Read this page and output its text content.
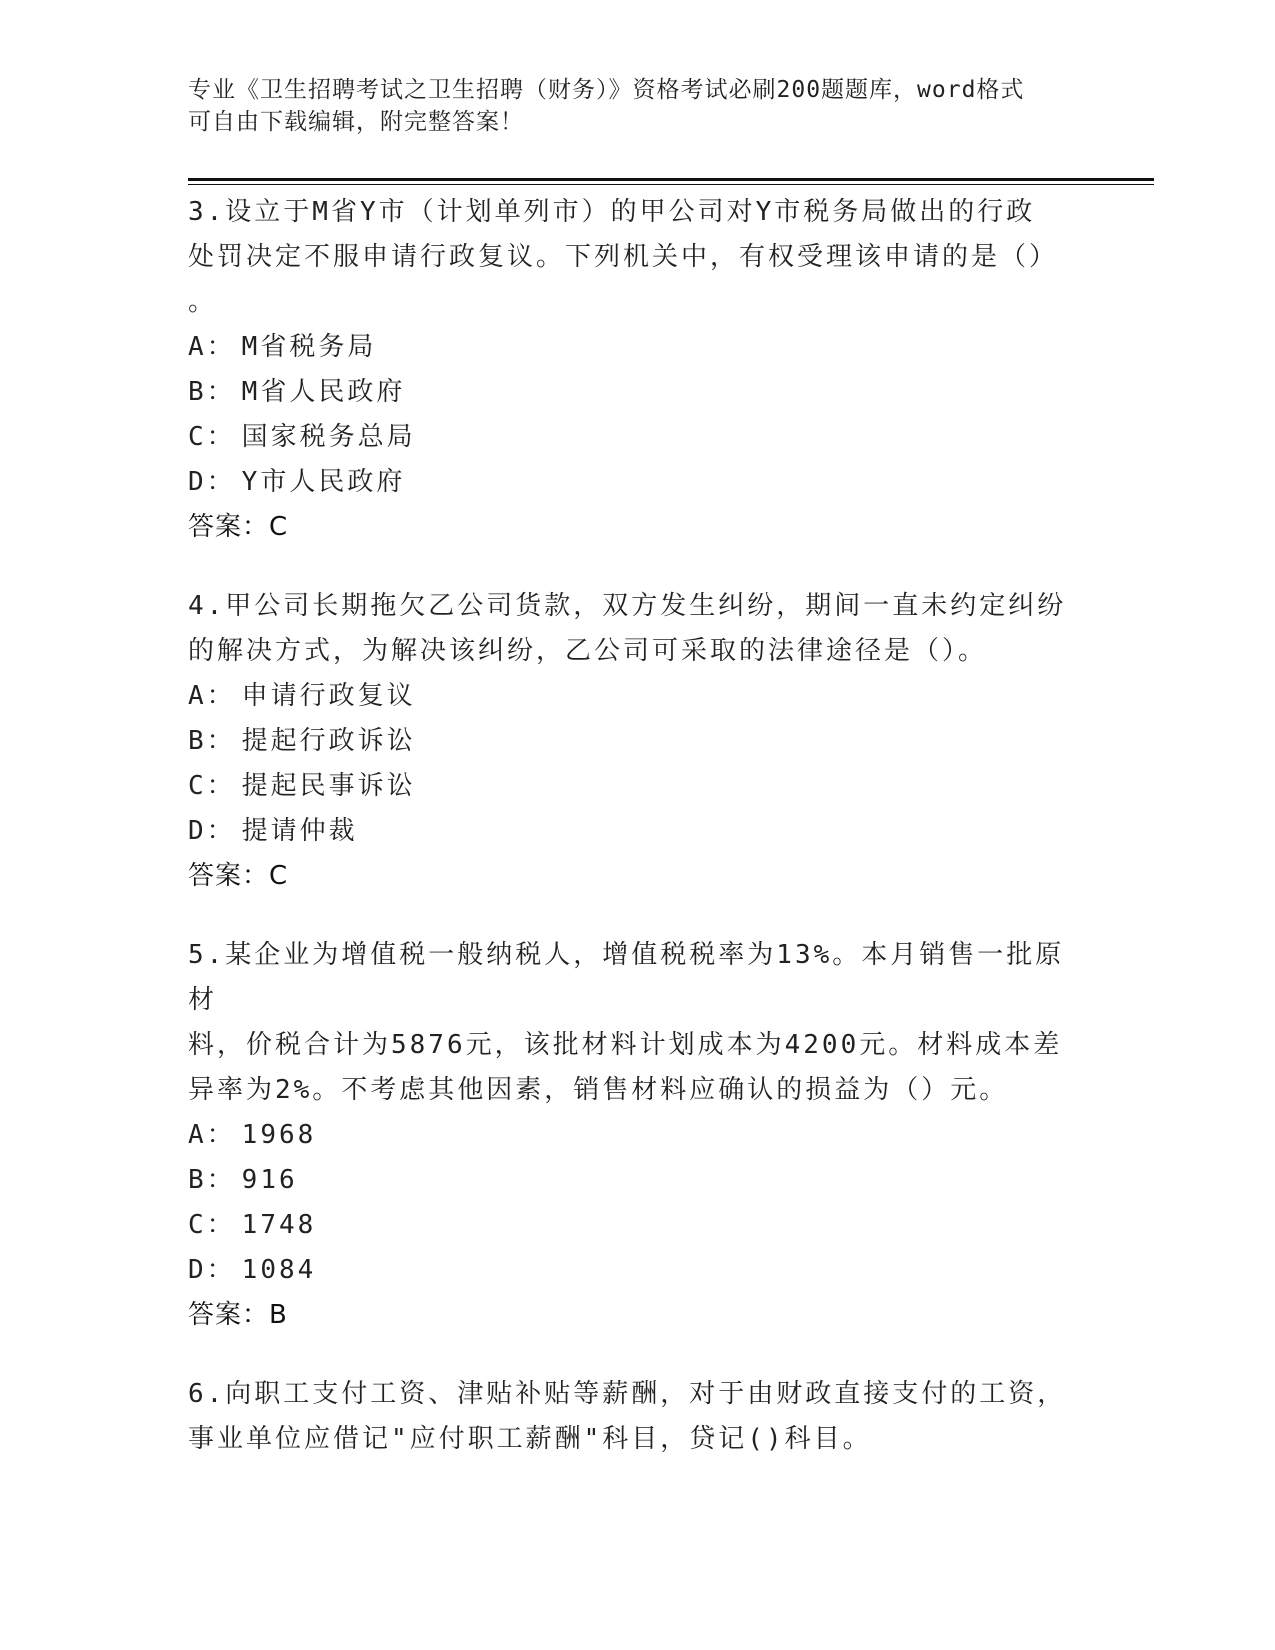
专业《卫生招聘考试之卫生招聘（财务）》资格考试必刷200题题库，word格式
可自由下载编辑，附完整答案！
3.设立于M省Y市（计划单列市）的甲公司对Y市税务局做出的行政
处罚决定不服申请行政复议。下列机关中，有权受理该申请的是（）
。
A： M省税务局
B： M省人民政府
C： 国家税务总局
D： Y市人民政府
答案：C
4.甲公司长期拖欠乙公司货款，双方发生纠纷，期间一直未约定纠纷
的解决方式，为解决该纠纷，乙公司可采取的法律途径是（）。
A： 申请行政复议
B： 提起行政诉讼
C： 提起民事诉讼
D： 提请仲裁
答案：C
5.某企业为增值税一般纳税人，增值税税率为13%。本月销售一批原材
料，价税合计为5876元，该批材料计划成本为4200元。材料成本差
异率为2%。不考虑其他因素，销售材料应确认的损益为（）元。
A： 1968
B： 916
C： 1748
D： 1084
答案：B
6.向职工支付工资、津贴补贴等薪酬，对于由财政直接支付的工资，
事业单位应借记"应付职工薪酬"科目，贷记()科目。
